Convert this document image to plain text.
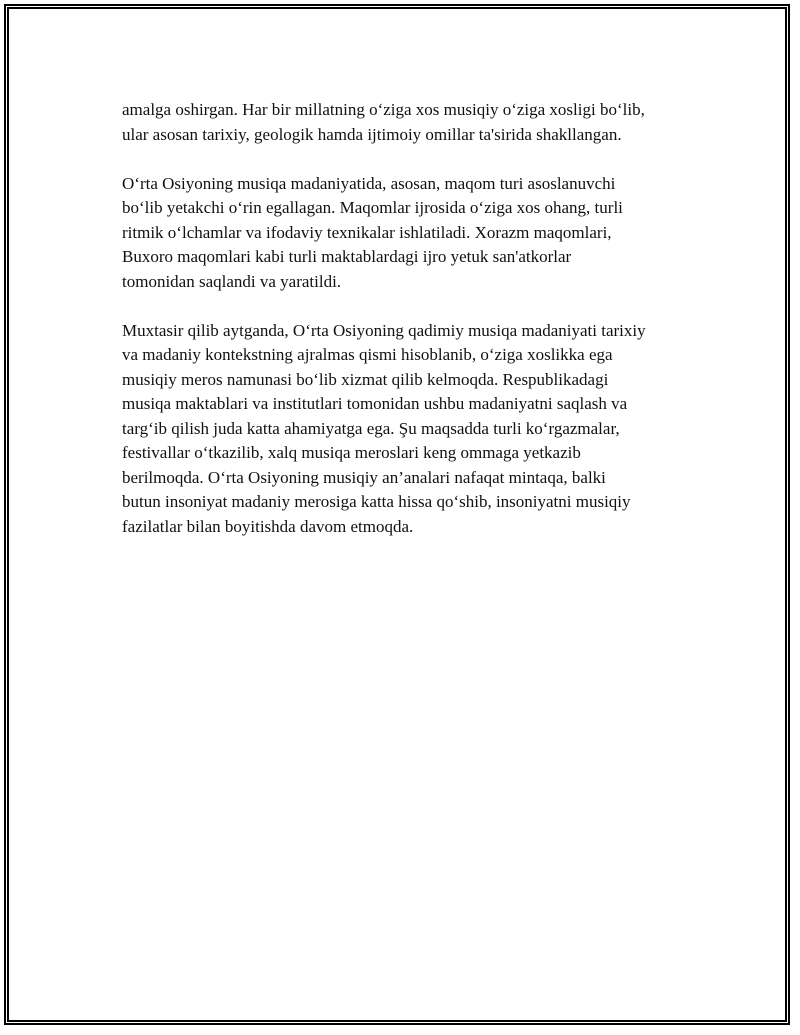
amalga oshirgan. Har bir millatning o‘ziga xos musiqiy o‘ziga xosligi bo‘lib,
ular asosan tarixiy, geologik hamda ijtimoiy omillar ta'sirida shakllangan.

O‘rta Osiyoning musiqa madaniyatida, asosan, maqom turi asoslanuvchi
bo‘lib yetakchi o‘rin egallagan. Maqomlar ijrosida o‘ziga xos ohang, turli
ritmik o‘lchamlar va ifodaviy texnikalar ishlatiladi. Xorazm maqomlari,
Buxoro maqomlari kabi turli maktablardagi ijro yetuk san'atkorlar
tomonidan saqlandi va yaratildi.

Muxtasir qilib aytganda, O‘rta Osiyoning qadimiy musiqa madaniyati tarixiy
va madaniy kontekstning ajralmas qismi hisoblanib, o‘ziga xoslikka ega
musiqiy meros namunasi bo‘lib xizmat qilib kelmoqda. Respublikadagi
musiqa maktablari va institutlari tomonidan ushbu madaniyatni saqlash va
targ‘ib qilish juda katta ahamiyatga ega. Şu maqsadda turli ko‘rgazmalar,
festivallar o‘tkazilib, xalq musiqa meroslari keng ommaga yetkazib
berilmoqda. O‘rta Osiyoning musiqiy an’analari nafaqat mintaqa, balki
butun insoniyat madaniy merosiga katta hissa qo‘shib, insoniyatni musiqiy
fazilatlar bilan boyitishda davom etmoqda.
